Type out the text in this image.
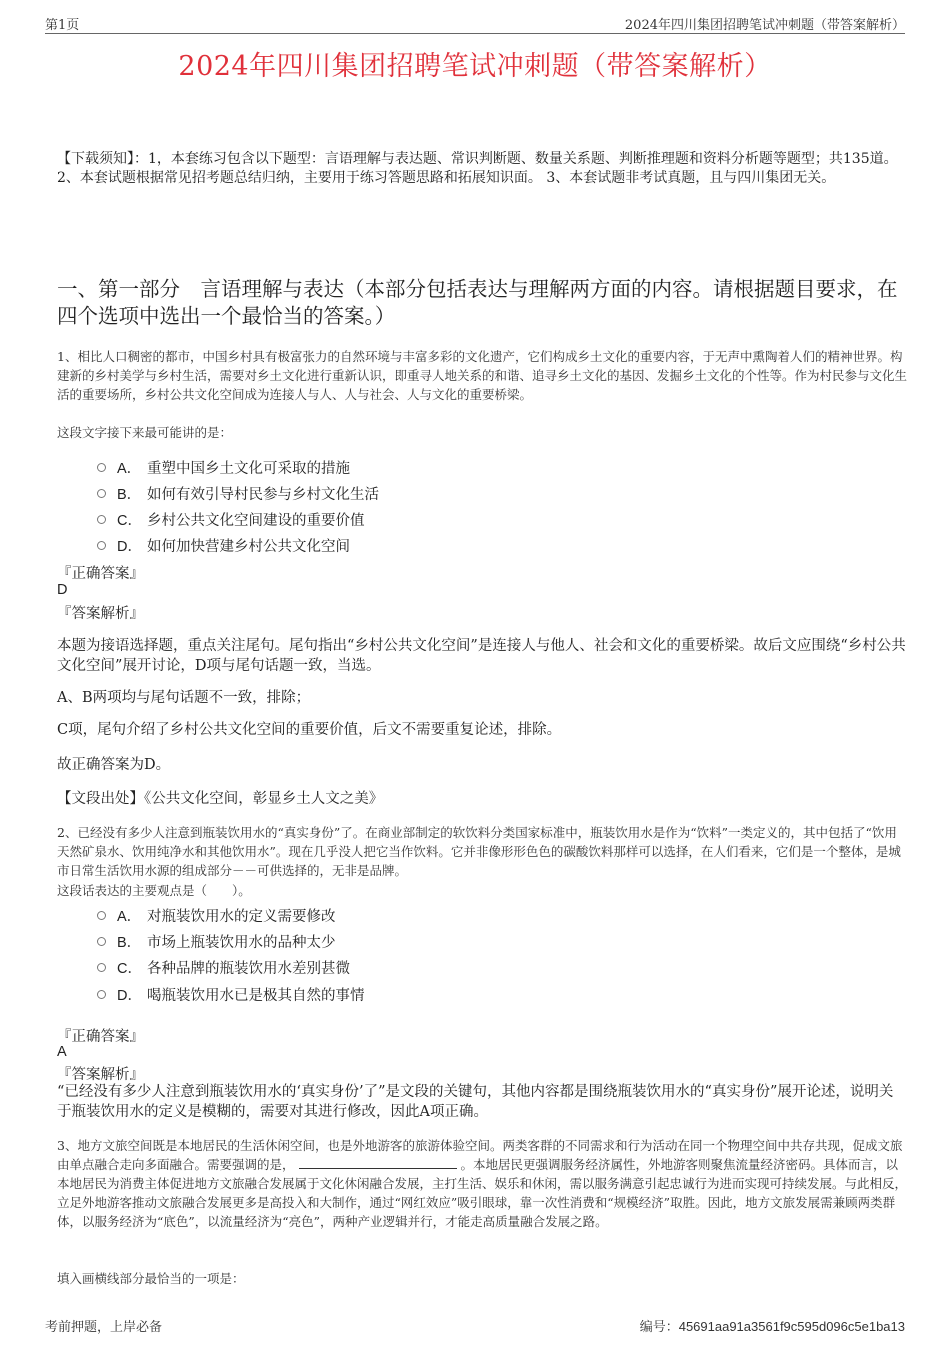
第1页	2024年四川集团招聘笔试冲刺题（带答案解析）
2024年四川集团招聘笔试冲刺题（带答案解析）
【下载须知】：1，本套练习包含以下题型：言语理解与表达题、常识判断题、数量关系题、判断推理题和资料分析题等题型；共135道。 2、本套试题根据常见招考题总结归纳，主要用于练习答题思路和拓展知识面。 3、本套试题非考试真题，且与四川集团无关。
一、第一部分　言语理解与表达（本部分包括表达与理解两方面的内容。请根据题目要求，在四个选项中选出一个最恰当的答案。）
1、相比人口稠密的都市，中国乡村具有极富张力的自然环境与丰富多彩的文化遗产，它们构成乡土文化的重要内容，于无声中熏陶着人们的精神世界。构建新的乡村美学与乡村生活，需要对乡土文化进行重新认识，即重寻人地关系的和谐、追寻乡土文化的基因、发掘乡土文化的个性等。作为村民参与文化生活的重要场所，乡村公共文化空间成为连接人与人、人与社会、人与文化的重要桥梁。
这段文字接下来最可能讲的是：
A． 重塑中国乡土文化可采取的措施
B． 如何有效引导村民参与乡村文化生活
C． 乡村公共文化空间建设的重要价值
D． 如何加快营建乡村公共文化空间
『正确答案』
D
『答案解析』
本题为接语选择题，重点关注尾句。尾句指出“乡村公共文化空间”是连接人与他人、社会和文化的重要桥梁。故后文应围绕“乡村公共文化空间”展开讨论，D项与尾句话题一致，当选。
A、B两项均与尾句话题不一致，排除；
C项，尾句介绍了乡村公共文化空间的重要价值，后文不需要重复论述，排除。
故正确答案为D。
【文段出处】《公共文化空间，彰显乡土人文之美》
2、已经没有多少人注意到瓶装饮用水的“真实身份”了。在商业部制定的软饮料分类国家标准中，瓶装饮用水是作为“饮料”一类定义的，其中包括了“饮用天然矿泉水、饮用纯净水和其他饮用水”。现在几乎没人把它当作饮料。它并非像形形色色的碳酸饮料那样可以选择，在人们看来，它们是一个整体，是城市日常生活饮用水源的组成部分－－可供选择的，无非是品牌。
这段话表达的主要观点是（　　）。
A． 对瓶装饮用水的定义需要修改
B． 市场上瓶装饮用水的品种太少
C． 各种品牌的瓶装饮用水差别甚微
D． 喝瓶装饮用水已是极其自然的事情
『正确答案』
A
『答案解析』
“已经没有多少人注意到瓶装饮用水的‘真实身份’了”是文段的关键句，其他内容都是围绕瓶装饮用水的“真实身份”展开论述，说明关于瓶装饮用水的定义是模糊的，需要对其进行修改，因此A项正确。
3、地方文旅空间既是本地居民的生活休闲空间，也是外地游客的旅游体验空间。两类客群的不同需求和行为活动在同一个物理空间中共存共现，促成文旅由单点融合走向多面融合。需要强调的是，	。本地居民更强调服务经济属性，外地游客则聚焦流量经济密码。具体而言，以本地居民为消费主体促进地方文旅融合发展属于文化休闲融合发展，主打生活、娱乐和休闲，需以服务满意引起忠诚行为进而实现可持续发展。与此相反，立足外地游客推动文旅融合发展更多是高投入和大制作，通过“网红效应”吸引眼球，靠一次性消费和“规模经济”取胜。因此，地方文旅发展需兼顾两类群体，以服务经济为“底色”，以流量经济为“亮色”，两种产业逻辑并行，才能走高质量融合发展之路。
填入画横线部分最恰当的一项是：
考前押题，上岸必备	编号：45691aa91a3561f9c595d096c5e1ba13
